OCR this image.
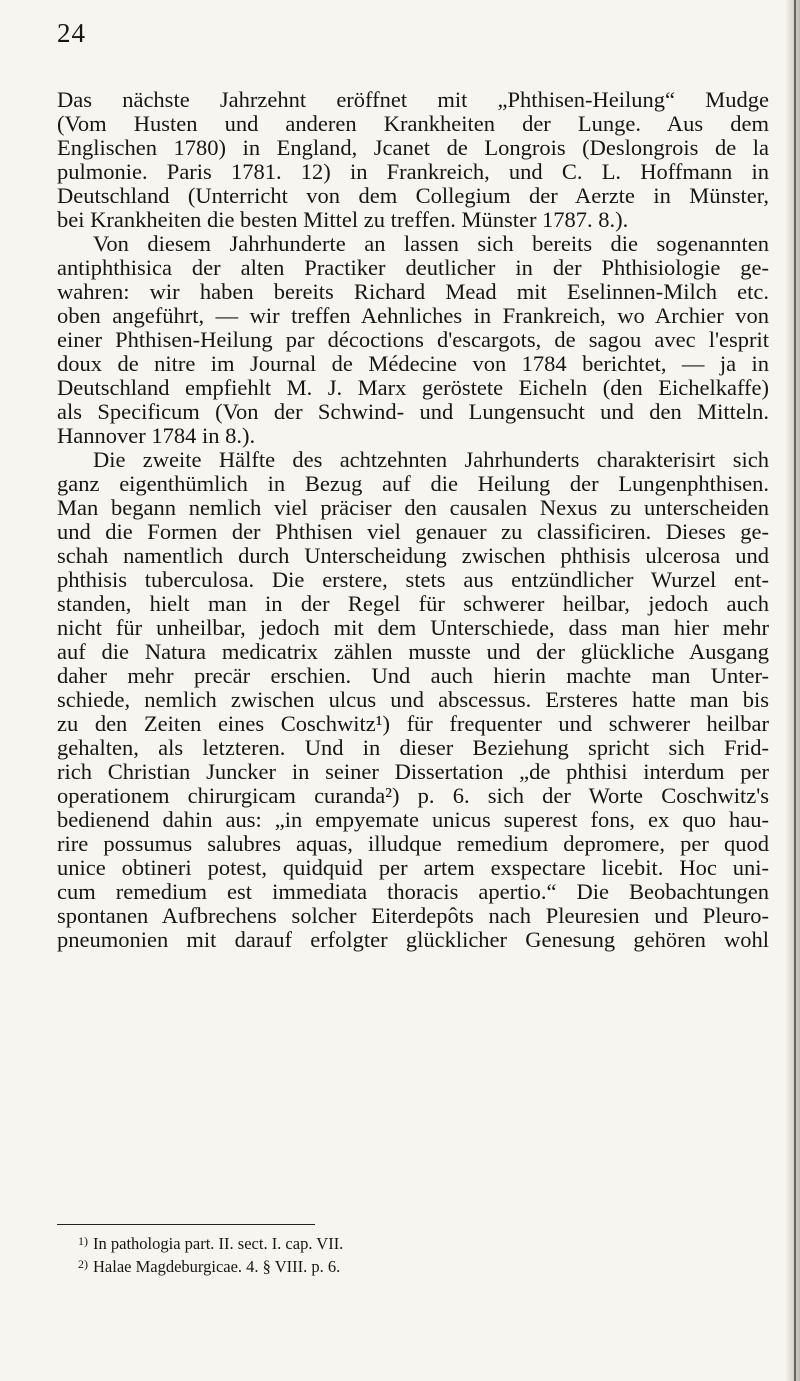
24
Das nächste Jahrzehnt eröffnet mit „Phthisen-Heilung“ Mudge
(Vom Husten und anderen Krankheiten der Lunge. Aus dem
Englischen 1780) in England, Jcanet de Longrois (Deslongrois de la
pulmonie. Paris 1781. 12) in Frankreich, und C. L. Hoffmann in
Deutschland (Unterricht von dem Collegium der Aerzte in Münster,
bei Krankheiten die besten Mittel zu treffen. Münster 1787. 8.).
Von diesem Jahrhunderte an lassen sich bereits die sogenannten
antiphthisica der alten Practiker deutlicher in der Phthisiologie ge-
wahren: wir haben bereits Richard Mead mit Eselinnen-Milch etc.
oben angeführt, — wir treffen Aehnliches in Frankreich, wo Archier von
einer Phthisen-Heilung par décoctions d'escargots, de sagou avec l'esprit
doux de nitre im Journal de Médecine von 1784 berichtet, — ja in
Deutschland empfiehlt M. J. Marx geröstete Eicheln (den Eichelkaffe)
als Specificum (Von der Schwind- und Lungensucht und den Mitteln.
Hannover 1784 in 8.).
Die zweite Hälfte des achtzehnten Jahrhunderts charakterisirt sich
ganz eigenthümlich in Bezug auf die Heilung der Lungenphthisen.
Man begann nemlich viel präciser den causalen Nexus zu unterscheiden
und die Formen der Phthisen viel genauer zu classificiren. Dieses ge-
schah namentlich durch Unterscheidung zwischen phthisis ulcerosa und
phthisis tuberculosa. Die erstere, stets aus entzündlicher Wurzel ent-
standen, hielt man in der Regel für schwerer heilbar, jedoch auch
nicht für unheilbar, jedoch mit dem Unterschiede, dass man hier mehr
auf die Natura medicatrix zählen musste und der glückliche Ausgang
daher mehr precär erschien. Und auch hierin machte man Unter-
schiede, nemlich zwischen ulcus und abscessus. Ersteres hatte man bis
zu den Zeiten eines Coschwitz¹) für frequenter und schwerer heilbar
gehalten, als letzteren. Und in dieser Beziehung spricht sich Frid-
rich Christian Juncker in seiner Dissertation „de phthisi interdum per
operationem chirurgicam curanda²) p. 6. sich der Worte Coschwitz's
bedienend dahin aus: „in empyemate unicus superest fons, ex quo hau-
rire possumus salubres aquas, illudque remedium depromere, per quod
unice obtineri potest, quidquid per artem exspectare licebit. Hoc uni-
cum remedium est immediata thoracis apertio.“ Die Beobachtungen
spontanen Aufbrechens solcher Eiterdepôts nach Pleuresien und Pleuro-
pneumonien mit darauf erfolgter glücklicher Genesung gehören wohl
$^{1)}$ In pathologia part. II. sect. I. cap. VII.
$^{2)}$ Halae Magdeburgicae. 4. § VIII. p. 6.
